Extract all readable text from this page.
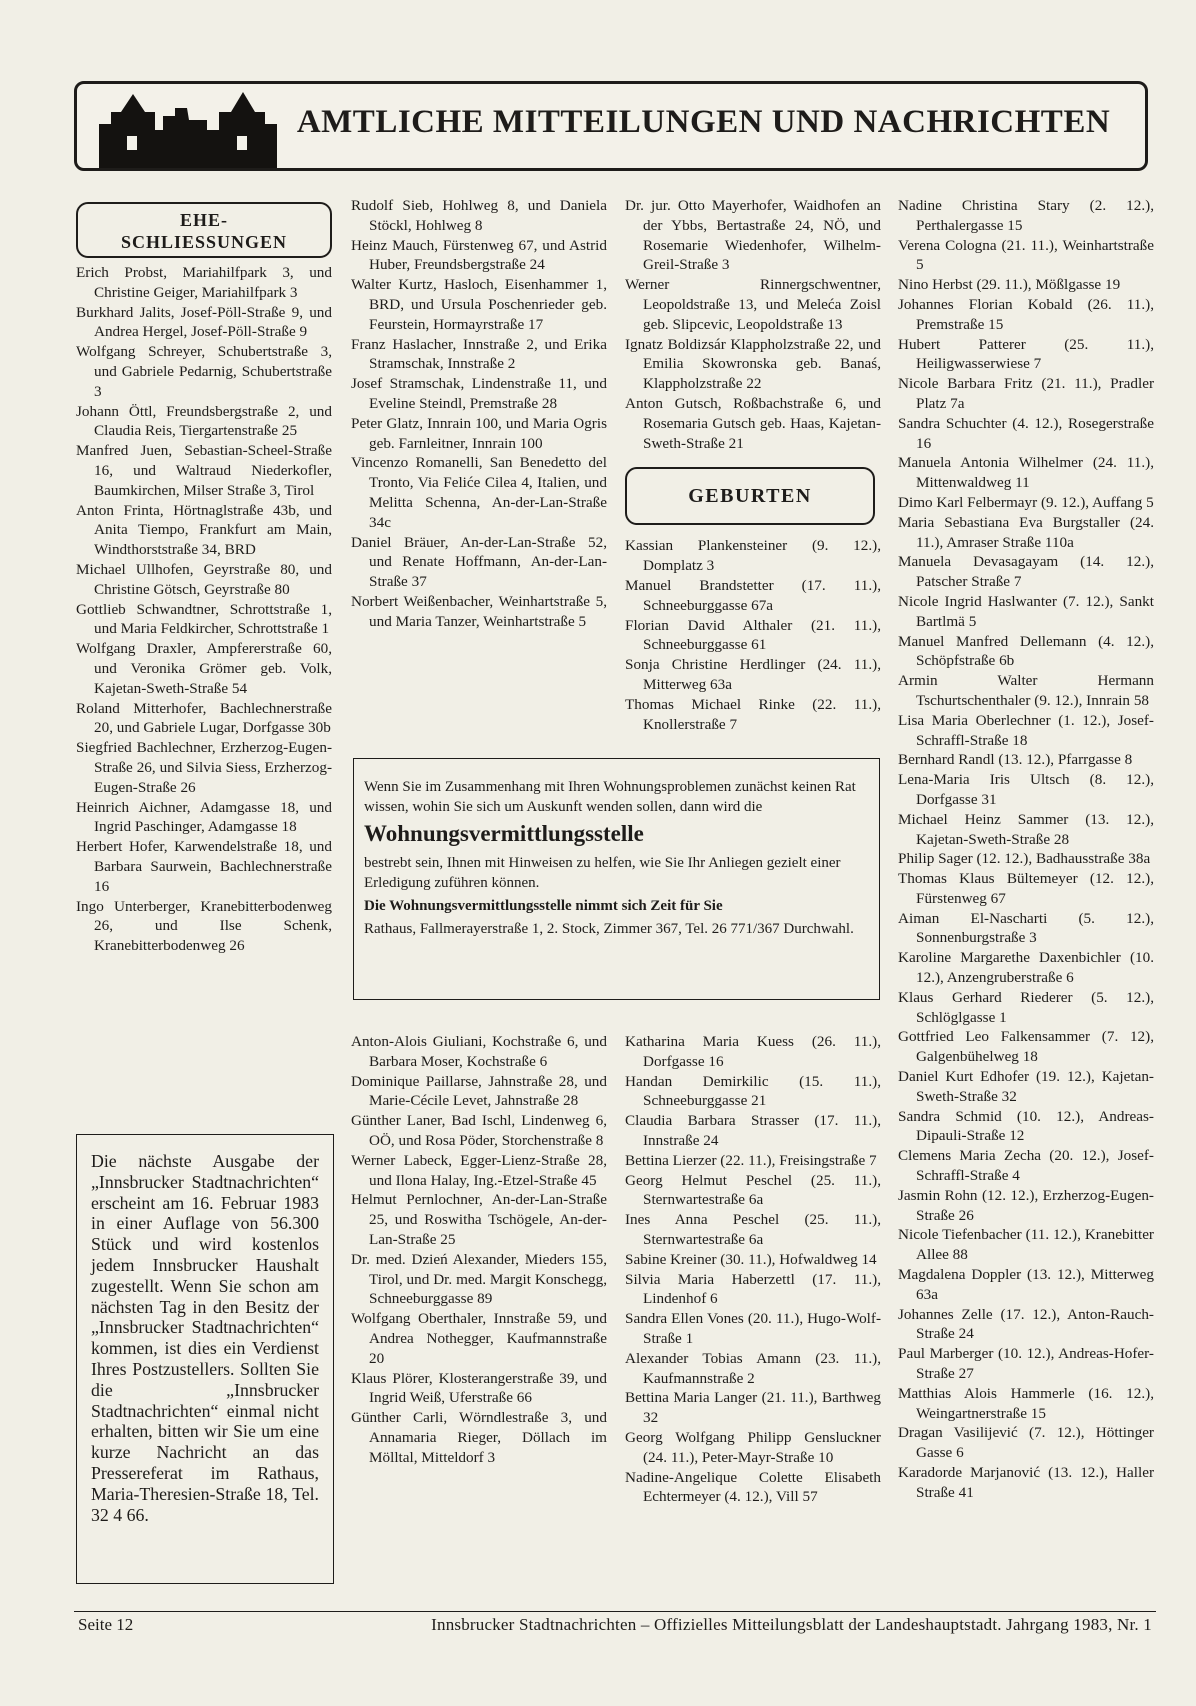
AMTLICHE MITTEILUNGEN UND NACHRICHTEN
EHE-
SCHLIESSUNGEN

Erich Probst, Mariahilfpark 3, und Christine Geiger, Mariahilfpark 3

Burkhard Jalits, Josef-Pöll-Straße 9, und Andrea Hergel, Josef-Pöll-Straße 9

Wolfgang Schreyer, Schubertstraße 3, und Gabriele Pedarnig, Schubertstraße 3

Johann Öttl, Freundsbergstraße 2, und Claudia Reis, Tiergartenstraße 25

Manfred Juen, Sebastian-Scheel-Straße 16, und Waltraud Niederkofler, Baumkirchen, Milser Straße 3, Tirol

Anton Frinta, Hörtnaglstraße 43b, und Anita Tiempo, Frankfurt am Main, Windthorststraße 34, BRD

Michael Ullhofen, Geyrstraße 80, und Christine Götsch, Geyrstraße 80

Gottlieb Schwandtner, Schrottstraße 1, und Maria Feldkircher, Schrottstraße 1

Wolfgang Draxler, Ampfererstraße 60, und Veronika Grömer geb. Volk, Kajetan-Sweth-Straße 54

Roland Mitterhofer, Bachlechnerstraße 20, und Gabriele Lugar, Dorfgasse 30b

Siegfried Bachlechner, Erzherzog-Eugen-Straße 26, und Silvia Siess, Erzherzog-Eugen-Straße 26

Heinrich Aichner, Adamgasse 18, und Ingrid Paschinger, Adamgasse 18

Herbert Hofer, Karwendelstraße 18, und Barbara Saurwein, Bachlechnerstraße 16

Ingo Unterberger, Kranebitterbodenweg 26, und Ilse Schenk, Kranebitterbodenweg 26

Die nächste Ausgabe der „Innsbrucker Stadtnachrichten“ erscheint am 16. Februar 1983 in einer Auflage von 56.300 Stück und wird kostenlos jedem Innsbrucker Haushalt zugestellt. Wenn Sie schon am nächsten Tag in den Besitz der „Innsbrucker Stadtnachrichten“ kommen, ist dies ein Verdienst Ihres Postzustellers. Sollten Sie die „Innsbrucker Stadtnachrichten“ einmal nicht erhalten, bitten wir Sie um eine kurze Nachricht an das Pressereferat im Rathaus, Maria-Theresien-Straße 18, Tel. 32 4 66.

Rudolf Sieb, Hohlweg 8, und Daniela Stöckl, Hohlweg 8

Heinz Mauch, Fürstenweg 67, und Astrid Huber, Freundsbergstraße 24

Walter Kurtz, Hasloch, Eisenhammer 1, BRD, und Ursula Poschenrieder geb. Feurstein, Hormayrstraße 17

Franz Haslacher, Innstraße 2, und Erika Stramschak, Innstraße 2

Josef Stramschak, Lindenstraße 11, und Eveline Steindl, Premstraße 28

Peter Glatz, Innrain 100, und Maria Ogris geb. Farnleitner, Innrain 100

Vincenzo Romanelli, San Benedetto del Tronto, Via Feliće Cilea 4, Italien, und Melitta Schenna, An-der-Lan-Straße 34c

Daniel Bräuer, An-der-Lan-Straße 52, und Renate Hoffmann, An-der-Lan-Straße 37

Norbert Weißenbacher, Weinhartstraße 5, und Maria Tanzer, Weinhartstraße 5

Dr. jur. Otto Mayerhofer, Waidhofen an der Ybbs, Bertastraße 24, NÖ, und Rosemarie Wiedenhofer, Wilhelm-Greil-Straße 3

Werner Rinnergschwentner, Leopoldstraße 13, und Meleća Zoisl geb. Slipcevic, Leopoldstraße 13

Ignatz Boldizsár Klappholzstraße 22, und Emilia Skowronska geb. Banaś, Klappholzstraße 22

Anton Gutsch, Roßbachstraße 6, und Rosemaria Gutsch geb. Haas, Kajetan-Sweth-Straße 21

GEBURTEN

Kassian Plankensteiner (9. 12.), Domplatz 3

Manuel Brandstetter (17. 11.), Schneeburggasse 67a

Florian David Althaler (21. 11.), Schneeburggasse 61

Sonja Christine Herdlinger (24. 11.), Mitterweg 63a

Thomas Michael Rinke (22. 11.), Knollerstraße 7

Wenn Sie im Zusammenhang mit Ihren Wohnungsproblemen zunächst keinen Rat wissen, wohin Sie sich um Auskunft wenden sollen, dann wird die
Wohnungsvermittlungsstelle
bestrebt sein, Ihnen mit Hinweisen zu helfen, wie Sie Ihr Anliegen gezielt einer Erledigung zuführen können.
Die Wohnungsvermittlungsstelle nimmt sich Zeit für Sie
Rathaus, Fallmerayerstraße 1, 2. Stock, Zimmer 367, Tel. 26 771/367 Durchwahl.

Anton-Alois Giuliani, Kochstraße 6, und Barbara Moser, Kochstraße 6

Dominique Paillarse, Jahnstraße 28, und Marie-Cécile Levet, Jahnstraße 28

Günther Laner, Bad Ischl, Lindenweg 6, OÖ, und Rosa Pöder, Storchenstraße 8

Werner Labeck, Egger-Lienz-Straße 28, und Ilona Halay, Ing.-Etzel-Straße 45

Helmut Pernlochner, An-der-Lan-Straße 25, und Roswitha Tschögele, An-der-Lan-Straße 25

Dr. med. Dzień Alexander, Mieders 155, Tirol, und Dr. med. Margit Konschegg, Schneeburggasse 89

Wolfgang Oberthaler, Innstraße 59, und Andrea Nothegger, Kaufmannstraße 20

Klaus Plörer, Klosterangerstraße 39, und Ingrid Weiß, Uferstraße 66

Günther Carli, Wörndlestraße 3, und Annamaria Rieger, Döllach im Mölltal, Mitteldorf 3

Katharina Maria Kuess (26. 11.), Dorfgasse 16

Handan Demirkilic (15. 11.), Schneeburggasse 21

Claudia Barbara Strasser (17. 11.), Innstraße 24

Bettina Lierzer (22. 11.), Freisingstraße 7

Georg Helmut Peschel (25. 11.), Sternwartestraße 6a

Ines Anna Peschel (25. 11.), Sternwartestraße 6a

Sabine Kreiner (30. 11.), Hofwaldweg 14

Silvia Maria Haberzettl (17. 11.), Lindenhof 6

Sandra Ellen Vones (20. 11.), Hugo-Wolf-Straße 1

Alexander Tobias Amann (23. 11.), Kaufmannstraße 2

Bettina Maria Langer (21. 11.), Barthweg 32

Georg Wolfgang Philipp Gensluckner (24. 11.), Peter-Mayr-Straße 10

Nadine-Angelique Colette Elisabeth Echtermeyer (4. 12.), Vill 57

Nadine Christina Stary (2. 12.), Perthalergasse 15

Verena Cologna (21. 11.), Weinhartstraße 5

Nino Herbst (29. 11.), Mößlgasse 19

Johannes Florian Kobald (26. 11.), Premstraße 15

Hubert Patterer (25. 11.), Heiligwasserwiese 7

Nicole Barbara Fritz (21. 11.), Pradler Platz 7a

Sandra Schuchter (4. 12.), Rosegerstraße 16

Manuela Antonia Wilhelmer (24. 11.), Mittenwaldweg 11

Dimo Karl Felbermayr (9. 12.), Auffang 5

Maria Sebastiana Eva Burgstaller (24. 11.), Amraser Straße 110a

Manuela Devasagayam (14. 12.), Patscher Straße 7

Nicole Ingrid Haslwanter (7. 12.), Sankt Bartlmä 5

Manuel Manfred Dellemann (4. 12.), Schöpfstraße 6b

Armin Walter Hermann Tschurtschenthaler (9. 12.), Innrain 58

Lisa Maria Oberlechner (1. 12.), Josef-Schraffl-Straße 18

Bernhard Randl (13. 12.), Pfarrgasse 8

Lena-Maria Iris Ultsch (8. 12.), Dorfgasse 31

Michael Heinz Sammer (13. 12.), Kajetan-Sweth-Straße 28

Philip Sager (12. 12.), Badhausstraße 38a

Thomas Klaus Bültemeyer (12. 12.), Fürstenweg 67

Aiman El-Nascharti (5. 12.), Sonnenburgstraße 3

Karoline Margarethe Daxenbichler (10. 12.), Anzengruberstraße 6

Klaus Gerhard Riederer (5. 12.), Schlöglgasse 1

Gottfried Leo Falkensammer (7. 12), Galgenbühelweg 18

Daniel Kurt Edhofer (19. 12.), Kajetan-Sweth-Straße 32

Sandra Schmid (10. 12.), Andreas-Dipauli-Straße 12

Clemens Maria Zecha (20. 12.), Josef-Schraffl-Straße 4

Jasmin Rohn (12. 12.), Erzherzog-Eugen-Straße 26

Nicole Tiefenbacher (11. 12.), Kranebitter Allee 88

Magdalena Doppler (13. 12.), Mitterweg 63a

Johannes Zelle (17. 12.), Anton-Rauch-Straße 24

Paul Marberger (10. 12.), Andreas-Hofer-Straße 27

Matthias Alois Hammerle (16. 12.), Weingartnerstraße 15

Dragan Vasilijević (7. 12.), Höttinger Gasse 6

Karadorde Marjanović (13. 12.), Haller Straße 41

Seite 12	Innsbrucker Stadtnachrichten – Offizielles Mitteilungsblatt der Landeshauptstadt. Jahrgang 1983, Nr. 1
